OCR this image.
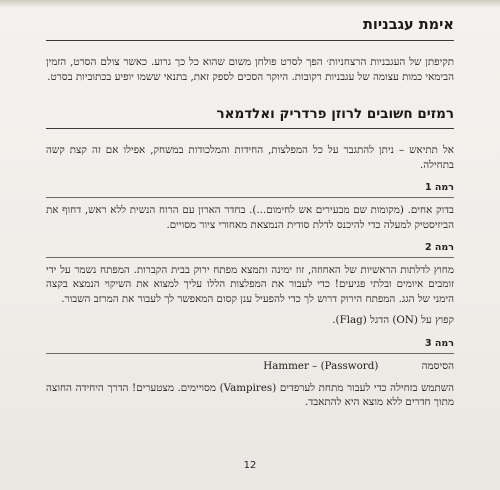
אימת עגבניות

תקיפתן של העגבניות הרצחניות׳ הפך לסרט פולחן משום שהוא כל כך גרוע. כאשר צולם הסרט, הזמין הבימאי כמות עצומה של עגבניות רקובות. היוקר הסכים לספק זאת, בתנאי ששמו יופיע בכתוביות בסרט.

רמזים חשובים לרוזן פרדריק ואלדמאר

אל תתיאש – ניתן להתגבר על כל המפלצות, החידות והמלכודות במשחק, אפילו אם זה קצת קשה בתחילה.

רמה 1

בדוק אחים. (מקומות שם מבעירים אש לחימום...). בחדר הארון עם הרוח הנשית ללא ראש, דחוף את הביזיסטיק למעלה כדי להיכנס לדלת סודית הנמצאת מאחורי ציור מסויים.

רמה 2

מחוץ לדלתות הראשיות של האחוזה, זוז ימינה ותמצא מפתח ירוק בבית הקברות. המפתח נשמר על ידי זומבים איומים ובלתי פגיעים! כדי לעבור את המפלצות הללו עליך למצוא את השיקוי הנמצא בקצה הימני של הגג. המפתח הירוק דרוש לך כדי להפעיל ענן קסום המאפשר לך לעבור את המרזב השבור.

קפוץ על (ON) הדגל (Flag).

רמה 3

הסיסמה Hammer – (Password)

השתמש בזחילה כדי לעבור מתחת לערפדים (Vampires) מסויימים. מצטערים! הדרך היחידה החוצה מתוך חדרים ללא מוצא היא להתאבד.

12
